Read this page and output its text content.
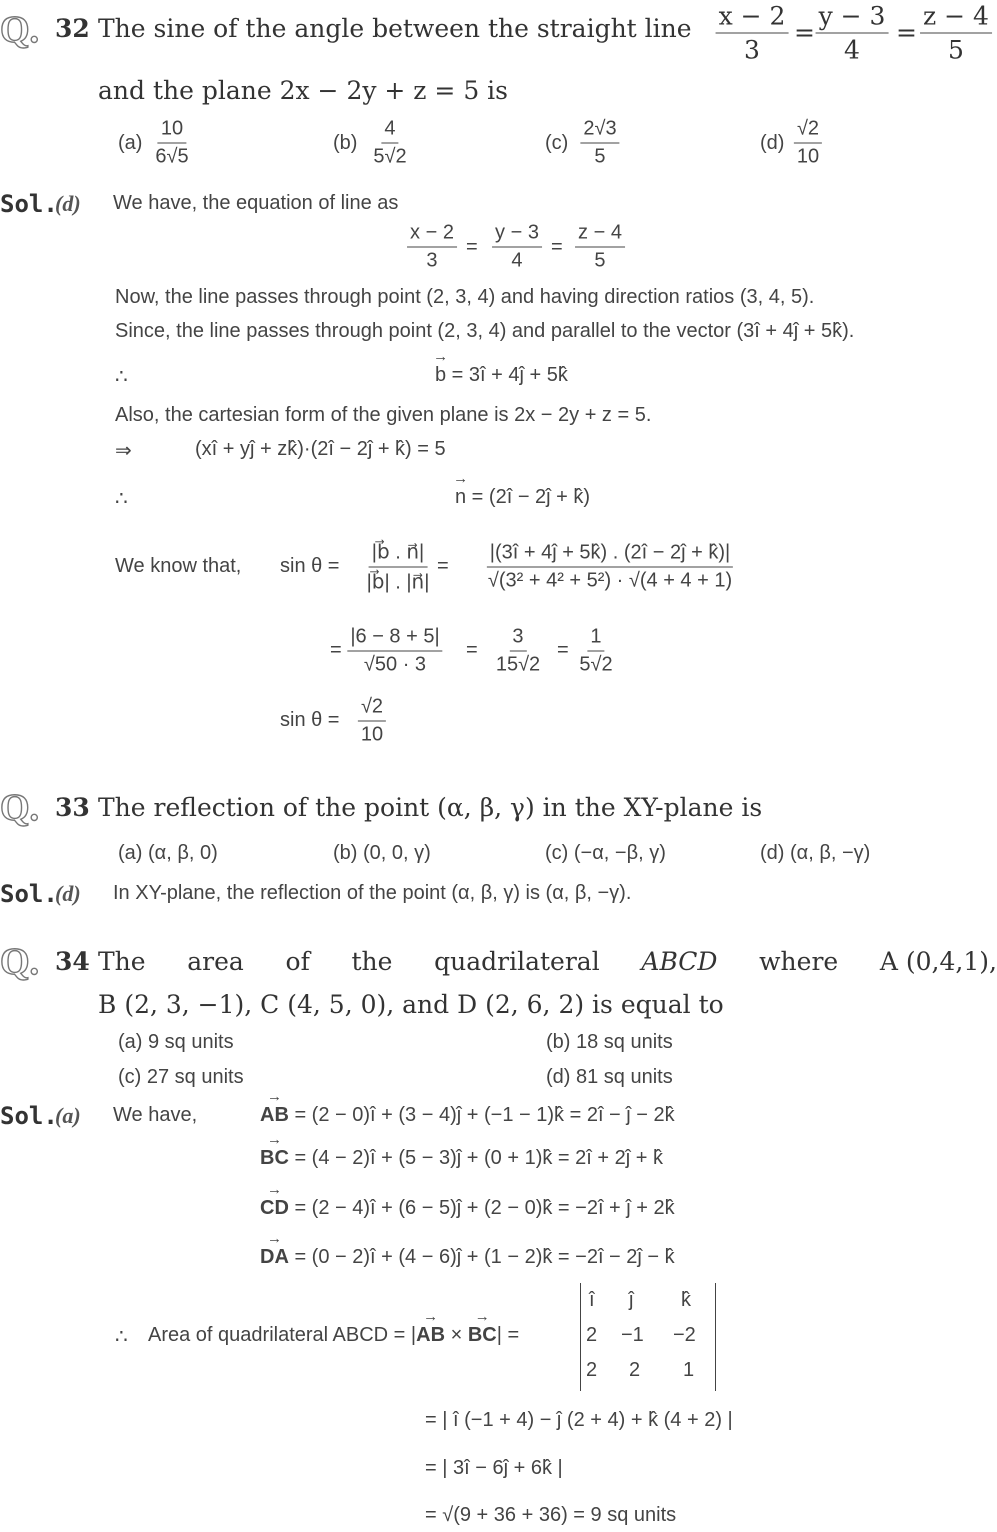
Q. 32 The sine of the angle between the straight line $\frac{x - 2}{3} = \frac{y - 3}{4} = \frac{z - 4}{5}$
and the plane 2x − 2y + z = 5 is
$(a) \frac{10}{6√5}$	$(b) \frac{4}{5√2}$	$(c) \frac{2√3}{5}$	$(d) \frac{√2}{10}$
Sol.
(d) We have, the equation of line as
$\frac{x - 2}{3} = \frac{y - 3}{4} = \frac{z - 4}{5}$
Now, the line passes through point (2, 3, 4) and having direction ratios (3, 4, 5).
Since, the line passes through point (2, 3, 4) and parallel to the vector (3î + 4ĵ + 5k̂).
∴	→ b = 3î + 4ĵ + 5k̂
Also, the cartesian form of the given plane is 2x − 2y + z = 5.
⇒	(xî + yĵ + zk̂)·(2î − 2ĵ + k̂) = 5
∴	→ n = (2î − 2ĵ + k̂)
We know that, $\sin \theta = \frac{|b⃗ . n⃗|}{|b⃗| . |n⃗|} = \frac{|(3î + 4ĵ + 5k̂) . (2î - 2ĵ + k̂)|}{\text{√(3² + 4² + 5²) · √(4 + 4 + 1)}}$
= $\frac{|6 - 8 + 5|}{√50 \cdot 3} = \frac{3}{15√2} = \frac{1}{5√2}$
$\sin \theta = \frac{√2}{10}$
Q. 33 The reflection of the point (α, β, γ) in the XY-plane is
(a) (α, β, 0)	(b) (0, 0, γ)	(c) (−α, −β, γ)	(d) (α, β, −γ)
Sol.
(d) In XY-plane, the reflection of the point (α, β, γ) is (α, β, −γ).
Q. 34 The area of the quadrilateral ABCD where A (0,4,1),
B (2, 3, −1), C (4, 5, 0), and D (2, 6, 2) is equal to
(a) 9 sq units	(b) 18 sq units
(c) 27 sq units	(d) 81 sq units
Sol.
(a) We have,	→ AB = (2 − 0)î + (3 − 4)ĵ + (−1 − 1)k̂ = 2î − ĵ − 2k̂
→ BC = (4 − 2)î + (5 − 3)ĵ + (0 + 1)k̂ = 2î + 2ĵ + k̂
→ CD = (2 − 4)î + (6 − 5)ĵ + (2 − 0)k̂ = −2î + ĵ + 2k̂
→ DA = (0 − 2)î + (4 − 6)ĵ + (1 − 2)k̂ = −2î − 2ĵ − k̂
∴ Area of quadrilateral ABCD = |→ AB × → BC| =
î ĵ k̂
2 −1 −2
2 2 1
= | î (−1 + 4) − ĵ (2 + 4) + k̂ (4 + 2) |
= | 3î − 6ĵ + 6k̂ |
= √(9 + 36 + 36) = 9 sq units
